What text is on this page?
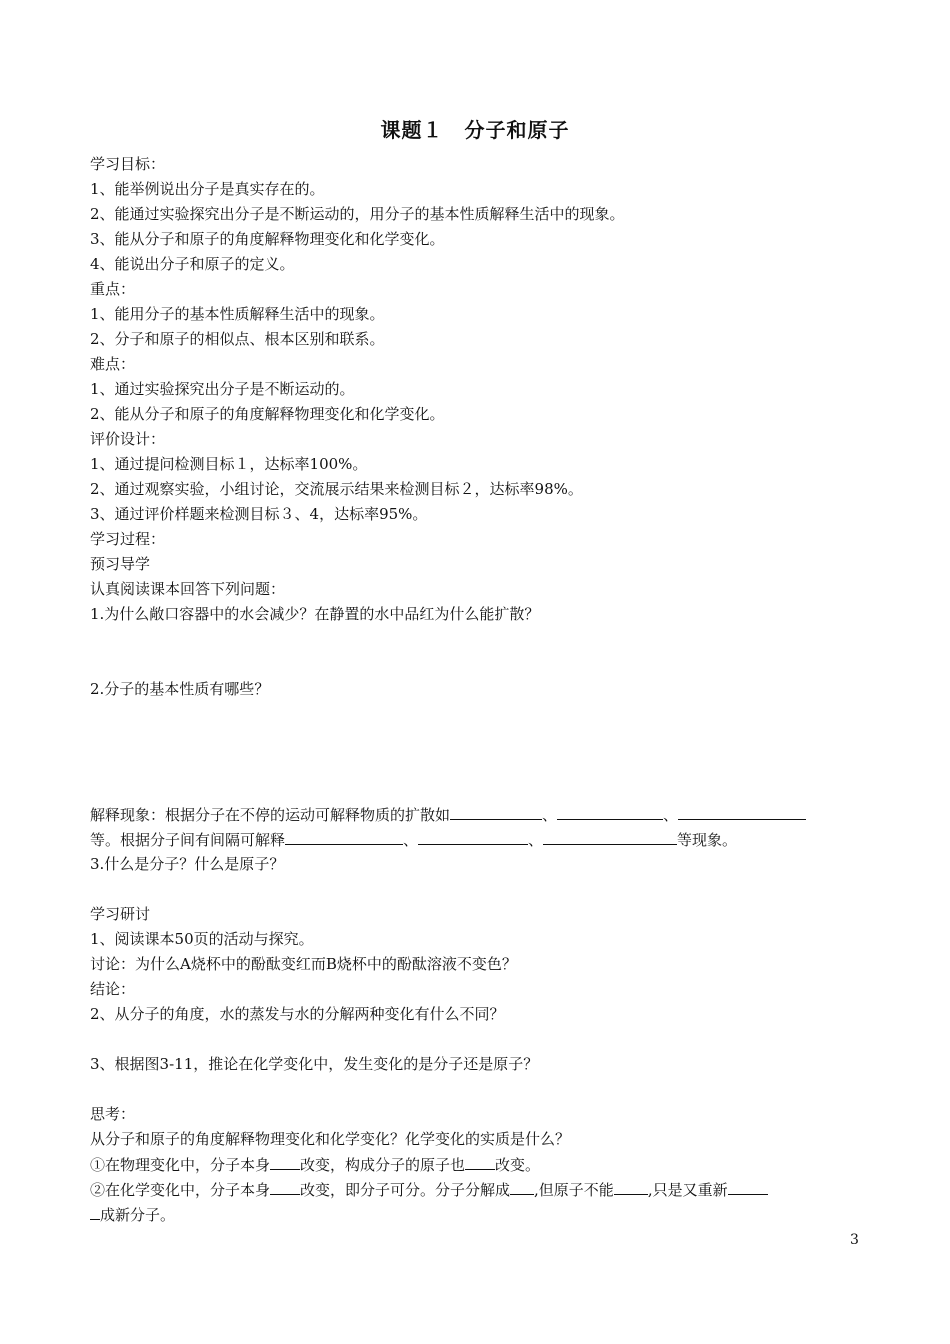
课题１　分子和原子
学习目标：
1、能举例说出分子是真实存在的。
2、能通过实验探究出分子是不断运动的，用分子的基本性质解释生活中的现象。
3、能从分子和原子的角度解释物理变化和化学变化。
4、能说出分子和原子的定义。
重点：
1、能用分子的基本性质解释生活中的现象。
2、分子和原子的相似点、根本区别和联系。
难点：
1、通过实验探究出分子是不断运动的。
2、能从分子和原子的角度解释物理变化和化学变化。
评价设计：
1、通过提问检测目标１，达标率100%。
2、通过观察实验，小组讨论，交流展示结果来检测目标２，达标率98%。
3、通过评价样题来检测目标３、4，达标率95%。
学习过程：
预习导学
认真阅读课本回答下列问题：
1.为什么敞口容器中的水会减少？在静置的水中品红为什么能扩散？
2.分子的基本性质有哪些？
解释现象：根据分子在不停的运动可解释物质的扩散如	、	、
等。根据分子间有间隔可解释	、	、	等现象。
3.什么是分子？什么是原子？
学习研讨
1、阅读课本50页的活动与探究。
讨论：为什么A烧杯中的酚酞变红而B烧杯中的酚酞溶液不变色？
结论：
2、从分子的角度，水的蒸发与水的分解两种变化有什么不同？
3、根据图3-11，推论在化学变化中，发生变化的是分子还是原子？
思考：
从分子和原子的角度解释物理变化和化学变化？化学变化的实质是什么？
①在物理变化中，分子本身 改变，构成分子的原子也 改变。
②在化学变化中，分子本身 改变，即分子可分。分子分解成 ,但原子不能 ,只是又重新
成新分子。
3
